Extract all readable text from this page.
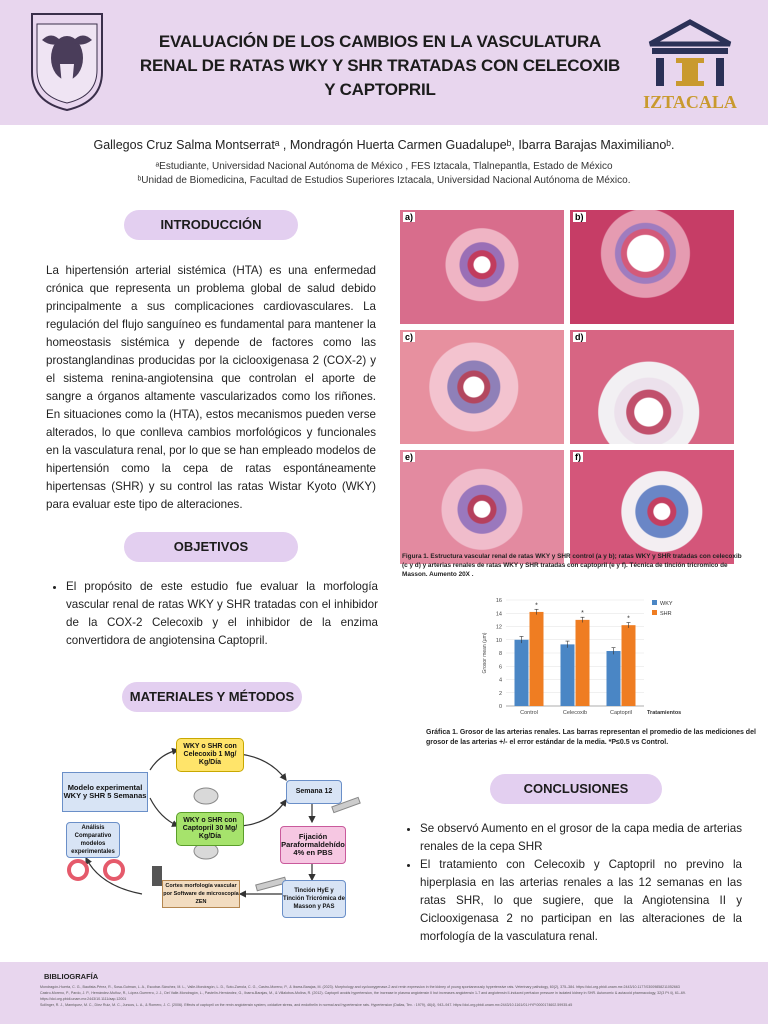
EVALUACIÓN DE LOS CAMBIOS EN LA VASCULATURA
RENAL DE RATAS WKY Y SHR TRATADAS CON CELECOXIB
Y CAPTOPRIL
IZTACALA
Gallegos Cruz Salma Montserratᵃ , Mondragón Huerta Carmen Guadalupeᵇ, Ibarra Barajas Maximilianoᵇ.
ᵃEstudiante, Universidad Nacional Autónoma de México , FES Iztacala, Tlalnepantla, Estado de México
ᵇUnidad de Biomedicina, Facultad de Estudios Superiores Iztacala, Universidad Nacional Autónoma de México.
INTRODUCCIÓN
La hipertensión arterial sistémica (HTA) es una enfermedad crónica que representa un problema global de salud debido principalmente a sus complicaciones cardiovasculares. La regulación del flujo sanguíneo es fundamental para mantener la homeostasis sistémica y depende de factores como las prostanglandinas producidas por la ciclooxigenasa 2 (COX-2) y el sistema renina-angiotensina que controlan el aporte de sangre a órganos altamente vascularizados como los riñones. En situaciones como la (HTA), estos mecanismos pueden verse alterados, lo que conlleva cambios morfológicos y funcionales en la vasculatura renal, por lo que se han empleado modelos de hipertensión como la cepa de ratas espontáneamente hipertensas (SHR) y su control las ratas Wistar Kyoto (WKY) para evaluar este tipo de alteraciones.
OBJETIVOS
• El propósito de este estudio fue evaluar la morfología vascular renal de ratas WKY y SHR tratadas con el inhibidor de la COX-2 Celecoxib y el inhibidor de la enzima convertidora de angiotensina Captopril.
MATERIALES Y MÉTODOS
Modelo experimental WKY y SHR 5 Semanas
WKY o SHR con Celecoxib 1 Mg/ Kg/Día
WKY o SHR con Captopril 30 Mg/ Kg/Día
Semana 12
Fijación Paraformaldehído 4% en PBS
Tinción HyE y Tinción Tricrómica de Masson y PAS
Cortes morfología vascular por Software de microscopía ZEN
Análisis Comparativo modelos experimentales
a)	b)
c)	d)
e)	f)
Figura 1. Estructura vascular renal de ratas WKY y SHR control (a y b); ratas WKY y SHR tratadas con celecoxib (c y d) y arterias renales de ratas WKY y SHR tratadas con captopril (e y f). Técnica de tinción tricromico de Masson. Aumento 20X .
0
2
4
6
8
10
12
14
16
Grosor mean (µm)
*
Control
*
Celecoxib
*
Captopril	Tratamientos
WKY
SHR
Gráfica 1. Grosor de las arterias renales. Las barras representan el promedio de las mediciones del grosor de las arterias +/- el error estándar de la media. *P≤0.5 vs Control.
CONCLUSIONES
• Se observó Aumento en el grosor de la capa media de arterias renales de la cepa SHR
• El tratamiento con Celecoxib y Captopril no previno la hiperplasia en las arterias renales a las 12 semanas en las ratas SHR, lo que sugiere, que la Angiotensina II y Ciclooxigenasa 2 no participan en las alteraciones de la morfología de la vasculatura renal.
BIBLIOGRAFÍA
Mondragón-Huerta, C. G., Bautista-Pérez, R., Sosa-Gutman, L. A., Escobar-Sánchez, M. L., Valle-Mondragón, L. D., Soto-Zarrola, C. G., Castro-Moreno, P., & Ibarra-Barajas, M. (2023). Morphology and cyclooxygenase-2 and renin expression in the kidney of young spontaneously hypertensive rats. Veterinary pathology, 60(2), 375–384. https://doi-org.pbidi.unam.mx:2443/10.1177/03009858211052663
Castro-Moreno, P., Pardo, J. P., Hernández-Muñoz, R., López-Guerrero, J. J., Del Valle-Mondragón, L., Pastelín-Hernández, G., Ibarra-Barajas, M., & Villalobos-Molina, R. (2012). Captopril avoids hypertension, the increase in plasma angiotensin II but increases angiotensin 1-7 and angiotensin II-induced perfusion pressure in isolated kidney in SHR. Autonomic & autacoid pharmacology, 32(3 Pt 4), 61–69. https://doi.org.pbidi.unam.mx:2443/10.1111/aap.12001
Sollinger, R. J., Manriquez, M. C., Díez Ruiz, M. C., Juncos, L. A., & Romero, J. C. (2006). Effects of captopril on the renin angiotensin system, oxidative stress, and endothelin in normal and hypertensive rats. Hypertension (Dallas, Tex. : 1979), 46(4), 943–947. https://doi-org.pbidi.unam.mx:2443/10.1161/01.HYP.0000174602.59935.d5
